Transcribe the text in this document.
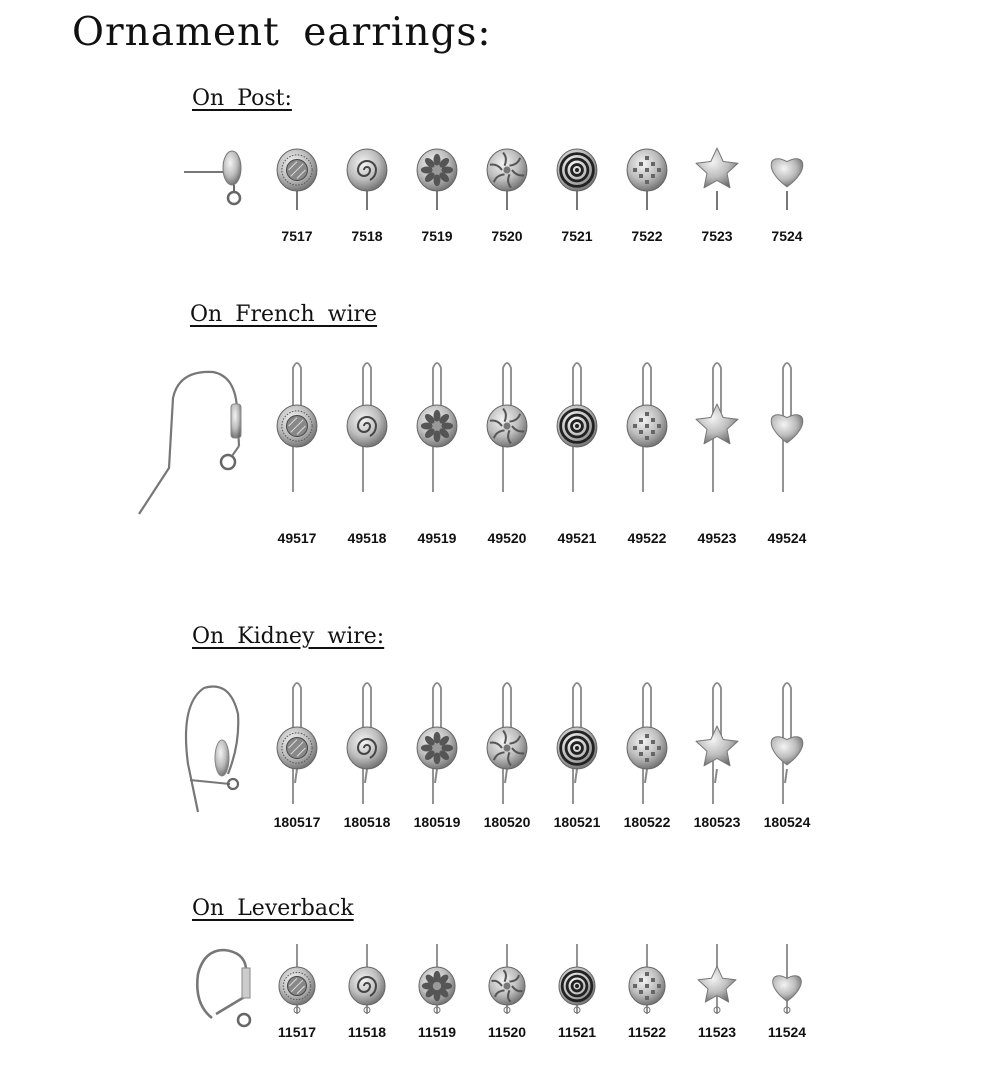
Ornament earrings:
On Post:
7517	7518	7519	7520	7521	7522	7523	7524
On French wire
49517	49518	49519	49520	49521	49522	49523	49524
On Kidney wire:
180517	180518	180519	180520	180521	180522	180523	180524
On Leverback
11517	11518	11519	11520	11521	11522	11523	11524
